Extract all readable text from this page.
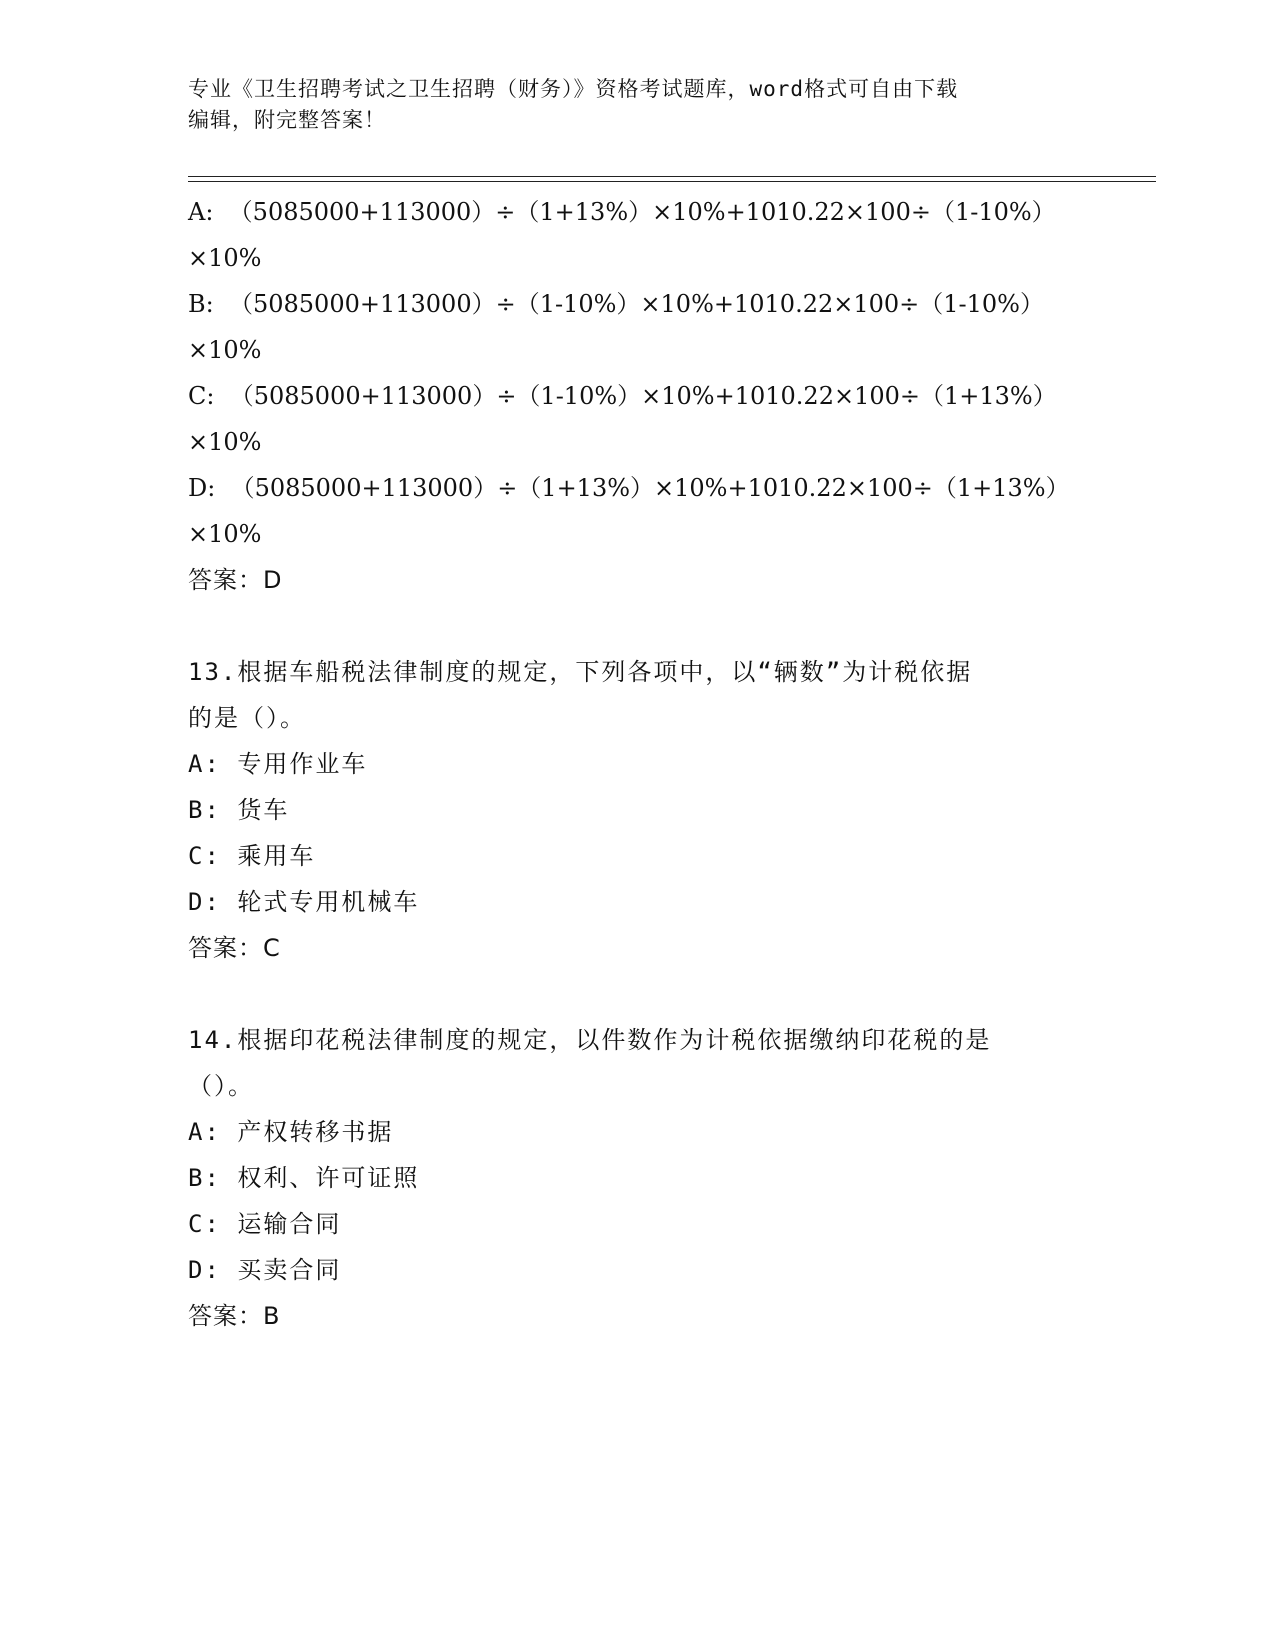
专业《卫生招聘考试之卫生招聘（财务）》资格考试题库，word格式可自由下载
编辑，附完整答案！

A:  （5085000+113000）÷（1+13%）×10%+1010.22×100÷（1-10%）

×10%

B:  （5085000+113000）÷（1-10%）×10%+1010.22×100÷（1-10%）

×10%

C:  （5085000+113000）÷（1-10%）×10%+1010.22×100÷（1+13%）

×10%

D:  （5085000+113000）÷（1+13%）×10%+1010.22×100÷（1+13%）

×10%

答案：D

13.根据车船税法律制度的规定，下列各项中，以“辆数”为计税依据

的是（）。

A: 专用作业车

B: 货车

C: 乘用车

D: 轮式专用机械车

答案：C

14.根据印花税法律制度的规定，以件数作为计税依据缴纳印花税的是

（）。

A: 产权转移书据

B: 权利、许可证照

C: 运输合同

D: 买卖合同

答案：B
